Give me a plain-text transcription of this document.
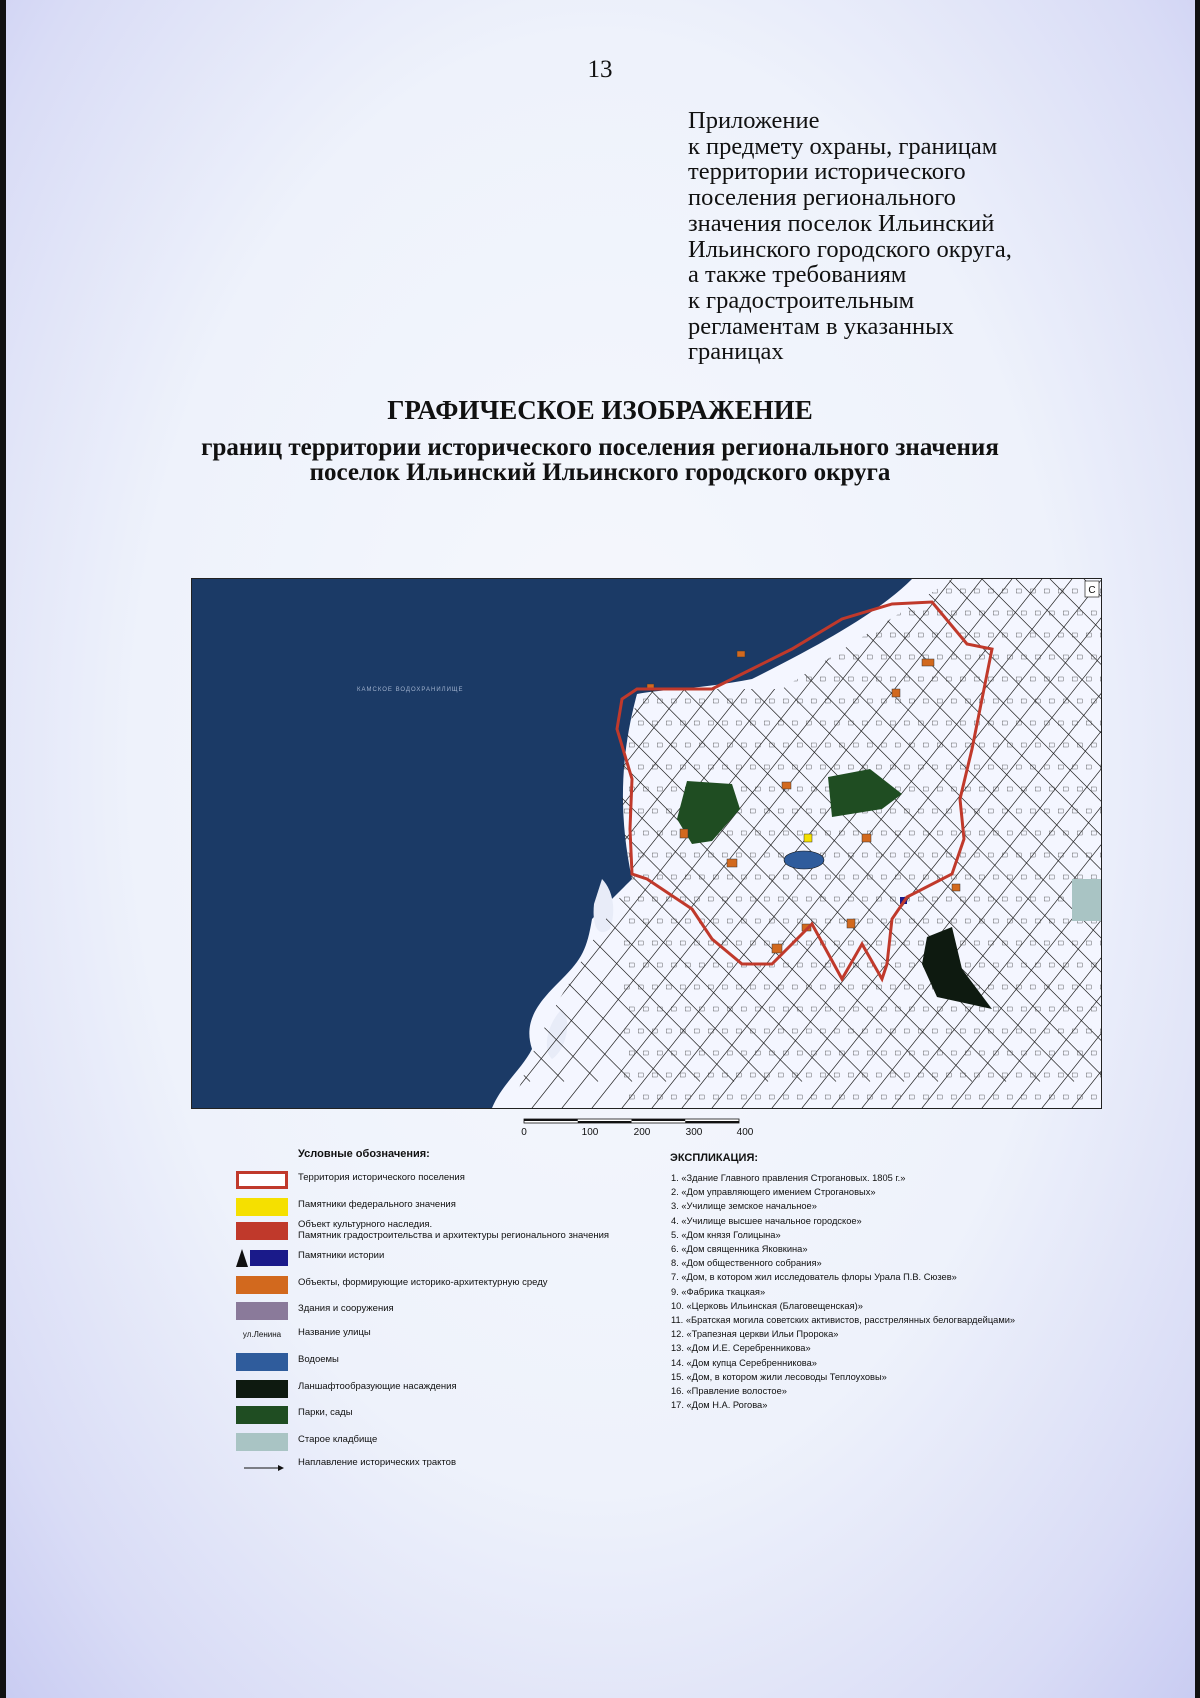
13
Приложение
к предмету охраны, границам
территории исторического
поселения регионального
значения поселок Ильинский
Ильинского городского округа,
а также требованиям
к градостроительным
регламентам в указанных
границах
ГРАФИЧЕСКОЕ ИЗОБРАЖЕНИЕ
границ территории исторического поселения регионального значения
поселок Ильинский Ильинского городского округа
КАМСКОЕ ВОДОХРАНИЛИЩЕ
С
0	100	200	300	400
Условные обозначения:
Территория исторического поселения
Памятники федерального значения
Объект культурного наследия.
Памятник градостроительства и архитектуры регионального значения
Памятники истории
Объекты, формирующие историко-архитектурную среду
Здания и сооружения
ул.Ленина	Название улицы
Водоемы
Ланшафтообразующие насаждения
Парки, сады
Старое кладбище
Наплавление исторических трактов
ЭКСПЛИКАЦИЯ:
1. «Здание Главного правления Строгановых. 1805 г.»
2. «Дом управляющего имением Строгановых»
3. «Училище земское начальное»
4. «Училище высшее начальное городское»
5. «Дом князя Голицына»
6. «Дом священника Яковкина»
8. «Дом общественного собрания»
7. «Дом, в котором жил исследователь флоры Урала П.В. Сюзев»
9. «Фабрика ткацкая»
10. «Церковь Ильинская (Благовещенская)»
11. «Братская могила советских активистов, расстрелянных белогвардейцами»
12. «Трапезная церкви Ильи Пророка»
13. «Дом И.Е. Серебренникова»
14. «Дом купца Серебренникова»
15. «Дом, в котором жили лесоводы Теплоуховы»
16. «Правление волостое»
17. «Дом Н.А. Рогова»
